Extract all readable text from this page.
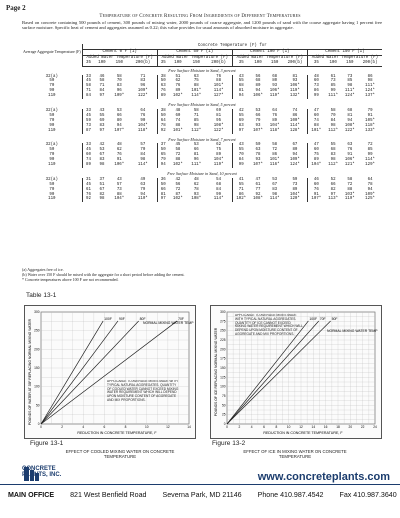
Page 2
Temperature of Concrete Resulting From Ingredients of Different Temperatures
Based on concrete containing 500 pounds of cement, 300 pounds of mixing water, 2000 pounds of coarse aggregate, and 1200 pounds of sand with the coarse aggregate having 1 percent free surface moisture. Specific heat of cement and aggregates assumed as 0.22; this value provides for usual amounts of absorbed moisture in aggregate.
Average Aggregate Temperature (F)	Concrete Temperature (F) for															
	Cement 0 F (1)				Cement 50 F (1)				Cement 100 F (1)				Cement 150 F (1)			
	Added Water Temperature (F)				Added Water Temperature (F)				Added Water Temperature (F)				Added Water Temperature (F)			
	35	100	150	200(b)	35	100	150	200(b)	35	100	150	200(b)	35	100	150	200(b)
Free Surface Moisture in Sand, 3 percent																
32(a)	33	46	58	71	38	51	63	76	43	56	68	81	48	61	73	86
50	45	58	70	83	50	62	75	88	55	68	80	93	60	73	85	98
70	58	71	83	96	63	76	88	101*	68	80	93	106*	73	85	98	111*
90	71	84	96	109*	76	89	101*	114*	81	94	106*	119*	86	99	111*	124*
110	84	97	109*	122*	89	102*	114*	127*	94	106*	119*	132*	99	111*	124*	137*

Free Surface Moisture in Sand, 5 percent																
32(a)	33	43	53	64	38	48	58	69	42	53	64	74	47	58	68	79
50	45	55	66	76	50	60	71	81	55	66	76	86	60	70	81	91
70	59	69	80	90	64	74	85	95	69	79	89	100*	74	84	94	105*
90	73	83	94	104*	78	88	98	108*	83	93	104*	114*	88	98	108*	118*
110	87	97	107*	118*	92	101*	112*	122*	97	107*	118*	128*	101*	112*	122*	133*

Free Surface Moisture in Sand, 7 percent																
32(a)	33	42	48	57	37	45	53	62	43	50	58	67	47	55	63	72
50	45	53	62	70	50	58	66	75	55	63	72	80	60	68	76	85
70	60	67	76	84	65	72	81	89	70	78	86	94	75	83	91	99
90	74	83	91	98	79	88	96	104*	84	93	101*	109*	89	98	106*	114*
110	89	98	106*	114*	94	102*	111*	119*	99	107*	116*	124*	104*	112*	121*	129*

Free Surface Moisture in Sand, 10 percent																
32(a)	31	37	43	49	36	42	48	54	41	47	53	59	46	52	58	64
50	45	51	57	63	50	56	62	68	55	61	67	73	60	66	72	78
70	61	67	73	79	66	72	78	84	71	77	83	89	76	82	88	94
90	76	82	88	94	81	87	93	99	86	92	98	104*	91	97	103*	109*
110	92	98	104*	110*	97	102*	108*	114*	102*	108*	114*	120*	107*	113*	119*	125*

(a) Aggregates free of ice.
(b) Water over 150 F should be mixed with the aggregate for a short period before adding the cement.
* Concrete temperatures above 100 F are not recommended.
Table 13-1
100F 90F	80F	70F
0	2	4	6	8	10	12	14
0
50
100
150
200
250
300
POUNDS OF WATER AT 35F REPLACING NORMAL MIXING WATER
REDUCTION IN CONCRETE TEMPERATURE, F
NORMAL MIXING WATER TEMP
APPLICABLE TO AVERAGE MIXES MADE WITH TYPICAL NATURAL AGGREGATES. QUANTITY OF COOLED WATER CANNOT EXCEED MIXING WATER REQUIREMENT WHICH WILL DEPEND UPON MOISTURE CONTENT OF AGGREGATE AND MIX PROPORTIONS.
Figure 13-1
EFFECT OF COOLED MIXING WATER ON CONCRETE TEMPERATURE
100F 70F 50F
0	2	4	6	8	10	12	14	16	18	20	22	24
0
25
50
75
100
125
150
175
200
225
250
275
300
POUNDS OF ICE REPLACING NORMAL MIXING WATER
REDUCTION IN CONCRETE TEMPERATURE, F
NORMAL MIXING WATER TEMP
APPLICABLE TO AVERAGE MIXES MADE WITH TYPICAL NATURAL AGGREGATES. QUANTITY OF ICE CANNOT EXCEED MIXING WATER REQUIREMENT WHICH WILL DEPEND UPON MOISTURE CONTENT OF AGGREGATE AND MIX PROPORTIONS.
Figure 13-2
EFFECT OF ICE IN MIXING WATER ON CONCRETE TEMPERATURE
CONCRETE
PLANTS, INC.	www.concreteplants.com
MAIN OFFICE 821 West Benfield Road Severna Park, MD 21146 Phone 410.987.4542 Fax 410.987.3640
